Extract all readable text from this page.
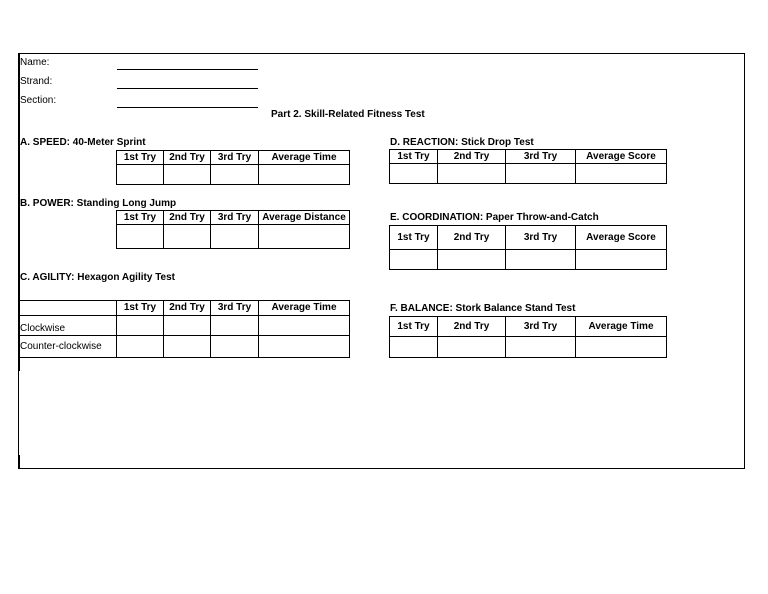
Name:
Strand:
Section:
Part 2. Skill-Related Fitness Test
A. SPEED: 40-Meter Sprint
1st Try	2nd Try	3rd Try	Average Time

B. POWER: Standing Long Jump
1st Try	2nd Try	3rd Try	Average Distance

C. AGILITY: Hexagon Agility Test
	1st Try	2nd Try	3rd Try	Average Time
Clockwise				
Counter-clockwise				
D. REACTION: Stick Drop Test
1st Try	2nd Try	3rd Try	Average Score

E. COORDINATION: Paper Throw-and-Catch
1st Try	2nd Try	3rd Try	Average Score

F. BALANCE: Stork Balance Stand Test
1st Try	2nd Try	3rd Try	Average Time
